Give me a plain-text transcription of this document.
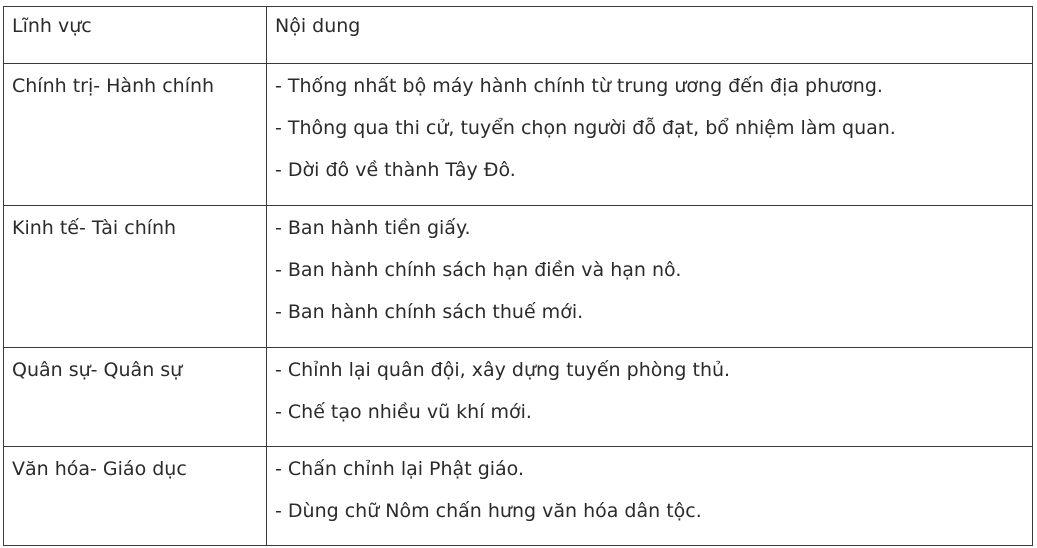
Lĩnh vực	Nội dung

Chính trị- Hành chính	- Thống nhất bộ máy hành chính từ trung ương đến địa phương.
- Thông qua thi cử, tuyển chọn người đỗ đạt, bổ nhiệm làm quan.
- Dời đô về thành Tây Đô.

Kinh tế- Tài chính	- Ban hành tiền giấy.
- Ban hành chính sách hạn điền và hạn nô.
- Ban hành chính sách thuế mới.

Quân sự- Quân sự	- Chỉnh lại quân đội, xây dựng tuyến phòng thủ.
- Chế tạo nhiều vũ khí mới.

Văn hóa- Giáo dục	- Chấn chỉnh lại Phật giáo.
- Dùng chữ Nôm chấn hưng văn hóa dân tộc.
